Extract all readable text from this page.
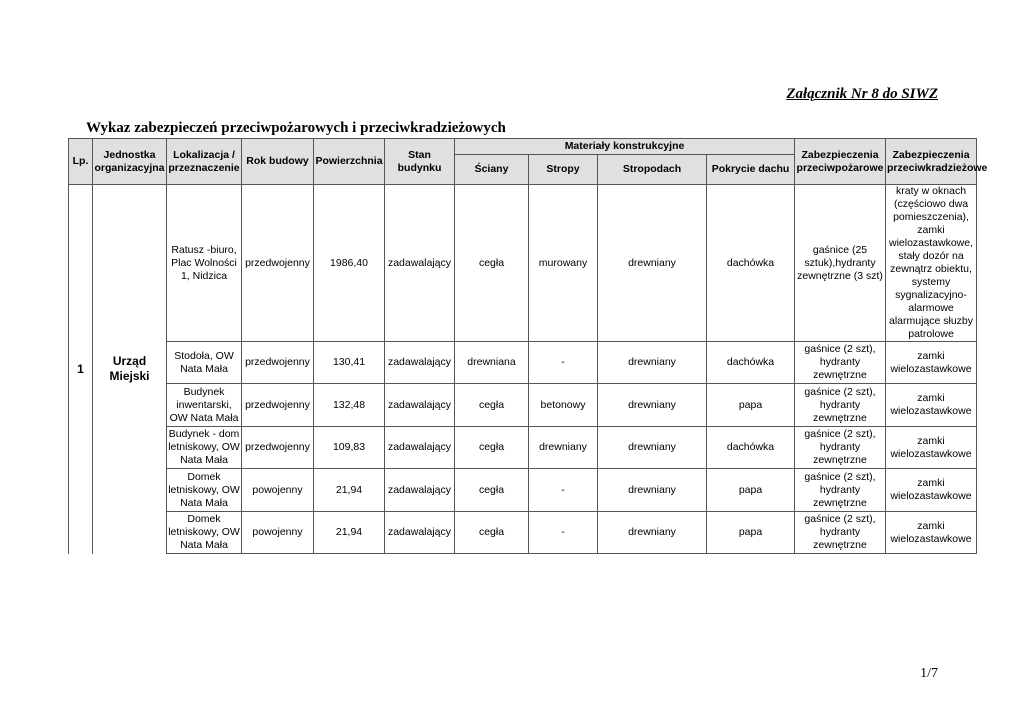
Załącznik Nr 8 do SIWZ
Wykaz zabezpieczeń przeciwpożarowych i przeciwkradzieżowych
Lp.	Jednostka organizacyjna	Lokalizacja / przeznaczenie	Rok budowy	Powierzchnia	Stan budynku	Materiały konstrukcyjne				Zabezpieczenia przeciwpożarowe	Zabezpieczenia przeciwkradzieżowe
						Ściany	Stropy	Stropodach	Pokrycie dachu		
1	Urząd Miejski	Ratusz -biuro, Plac Wolności 1, Nidzica	przedwojenny	1986,40	zadawalający	cegła	murowany	drewniany	dachówka	gaśnice (25 sztuk),hydranty zewnętrzne (3 szt)	kraty w oknach (częściowo dwa pomieszczenia), zamki wielozastawkowe, stały dozór na zewnątrz obiektu, systemy sygnalizacyjno-alarmowe alarmujące słuzby patrolowe
		Stodoła, OW Nata Mała	przedwojenny	130,41	zadawalający	drewniana	-	drewniany	dachówka	gaśnice (2 szt), hydranty zewnętrzne	zamki wielozastawkowe
		Budynek inwentarski, OW Nata Mała	przedwojenny	132,48	zadawalający	cegła	betonowy	drewniany	papa	gaśnice (2 szt), hydranty zewnętrzne	zamki wielozastawkowe
		Budynek - dom letniskowy, OW Nata Mała	przedwojenny	109,83	zadawalający	cegła	drewniany	drewniany	dachówka	gaśnice (2 szt), hydranty zewnętrzne	zamki wielozastawkowe
		Domek letniskowy, OW Nata Mała	powojenny	21,94	zadawalający	cegła	-	drewniany	papa	gaśnice (2 szt), hydranty zewnętrzne	zamki wielozastawkowe
		Domek letniskowy, OW Nata Mała	powojenny	21,94	zadawalający	cegła	-	drewniany	papa	gaśnice (2 szt), hydranty zewnętrzne	zamki wielozastawkowe
1/7
